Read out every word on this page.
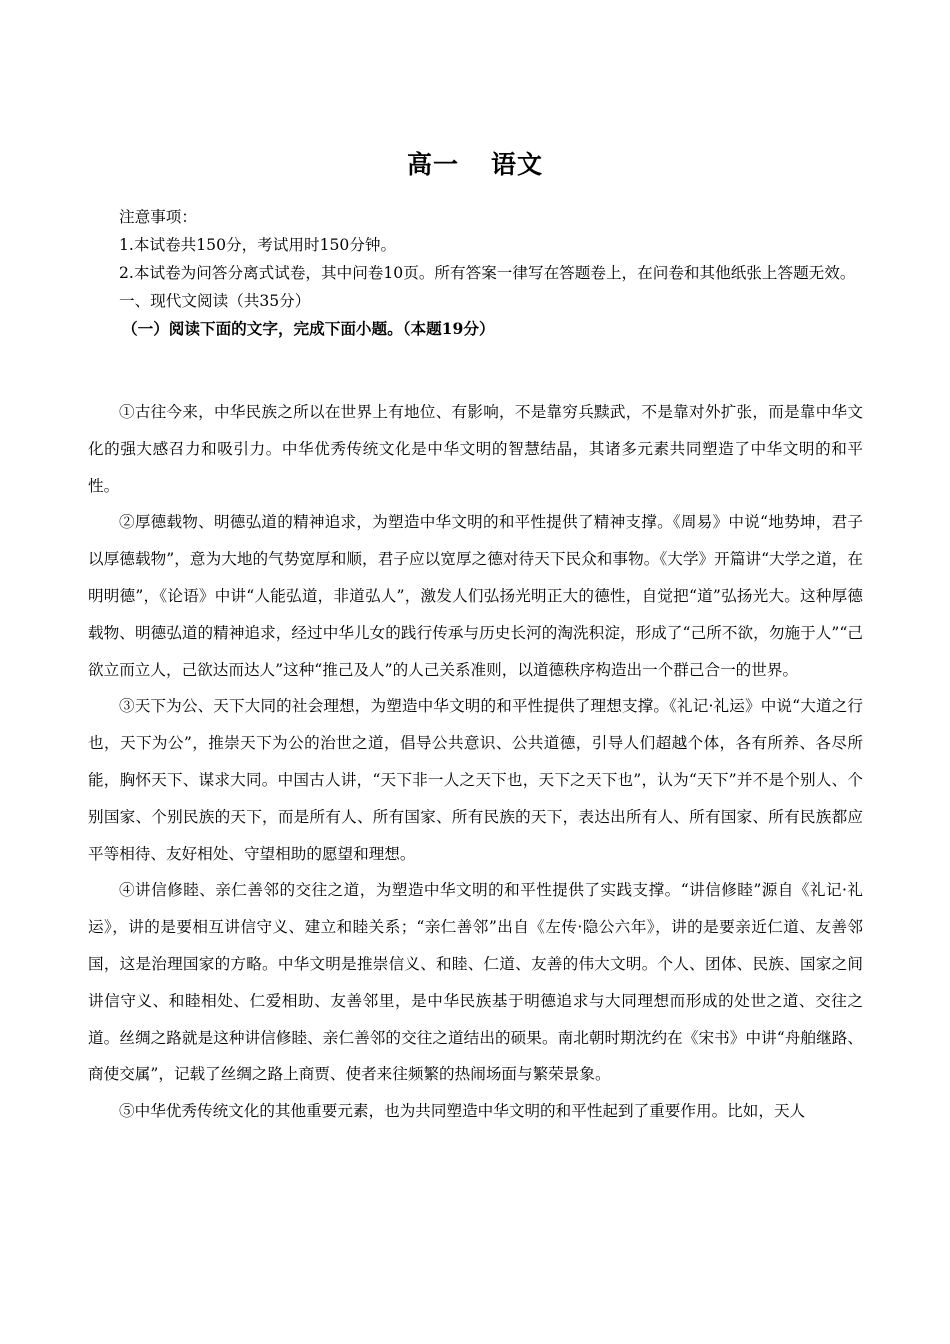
高一 语文

注意事项：

1.本试卷共150分，考试用时150分钟。

2.本试卷为问答分离式试卷，其中问卷10页。所有答案一律写在答题卷上，在问卷和其他纸张上答题无效。

一、现代文阅读（共35分）

（一）阅读下面的文字，完成下面小题。（本题19分）

①古往今来，中华民族之所以在世界上有地位、有影响，不是靠穷兵黩武，不是靠对外扩张，而是靠中华文化的强大感召力和吸引力。中华优秀传统文化是中华文明的智慧结晶，其诸多元素共同塑造了中华文明的和平性。

②厚德载物、明德弘道的精神追求，为塑造中华文明的和平性提供了精神支撑。《周易》中说“地势坤，君子以厚德载物”，意为大地的气势宽厚和顺，君子应以宽厚之德对待天下民众和事物。《大学》开篇讲“大学之道，在明明德”，《论语》中讲“人能弘道，非道弘人”，激发人们弘扬光明正大的德性，自觉把“道”弘扬光大。这种厚德载物、明德弘道的精神追求，经过中华儿女的践行传承与历史长河的淘洗积淀，形成了“己所不欲，勿施于人”“己欲立而立人，己欲达而达人”这种“推己及人”的人己关系准则，以道德秩序构造出一个群己合一的世界。

③天下为公、天下大同的社会理想，为塑造中华文明的和平性提供了理想支撑。《礼记·礼运》中说“大道之行也，天下为公”，推崇天下为公的治世之道，倡导公共意识、公共道德，引导人们超越个体，各有所养、各尽所能，胸怀天下、谋求大同。中国古人讲，“天下非一人之天下也，天下之天下也”，认为“天下”并不是个别人、个别国家、个别民族的天下，而是所有人、所有国家、所有民族的天下，表达出所有人、所有国家、所有民族都应平等相待、友好相处、守望相助的愿望和理想。

④讲信修睦、亲仁善邻的交往之道，为塑造中华文明的和平性提供了实践支撑。“讲信修睦”源自《礼记·礼运》，讲的是要相互讲信守义、建立和睦关系；“亲仁善邻”出自《左传·隐公六年》，讲的是要亲近仁道、友善邻国，这是治理国家的方略。中华文明是推崇信义、和睦、仁道、友善的伟大文明。个人、团体、民族、国家之间讲信守义、和睦相处、仁爱相助、友善邻里，是中华民族基于明德追求与大同理想而形成的处世之道、交往之道。丝绸之路就是这种讲信修睦、亲仁善邻的交往之道结出的硕果。南北朝时期沈约在《宋书》中讲“舟舶继路、商使交属”，记载了丝绸之路上商贾、使者来往频繁的热闹场面与繁荣景象。

⑤中华优秀传统文化的其他重要元素，也为共同塑造中华文明的和平性起到了重要作用。比如，天人
